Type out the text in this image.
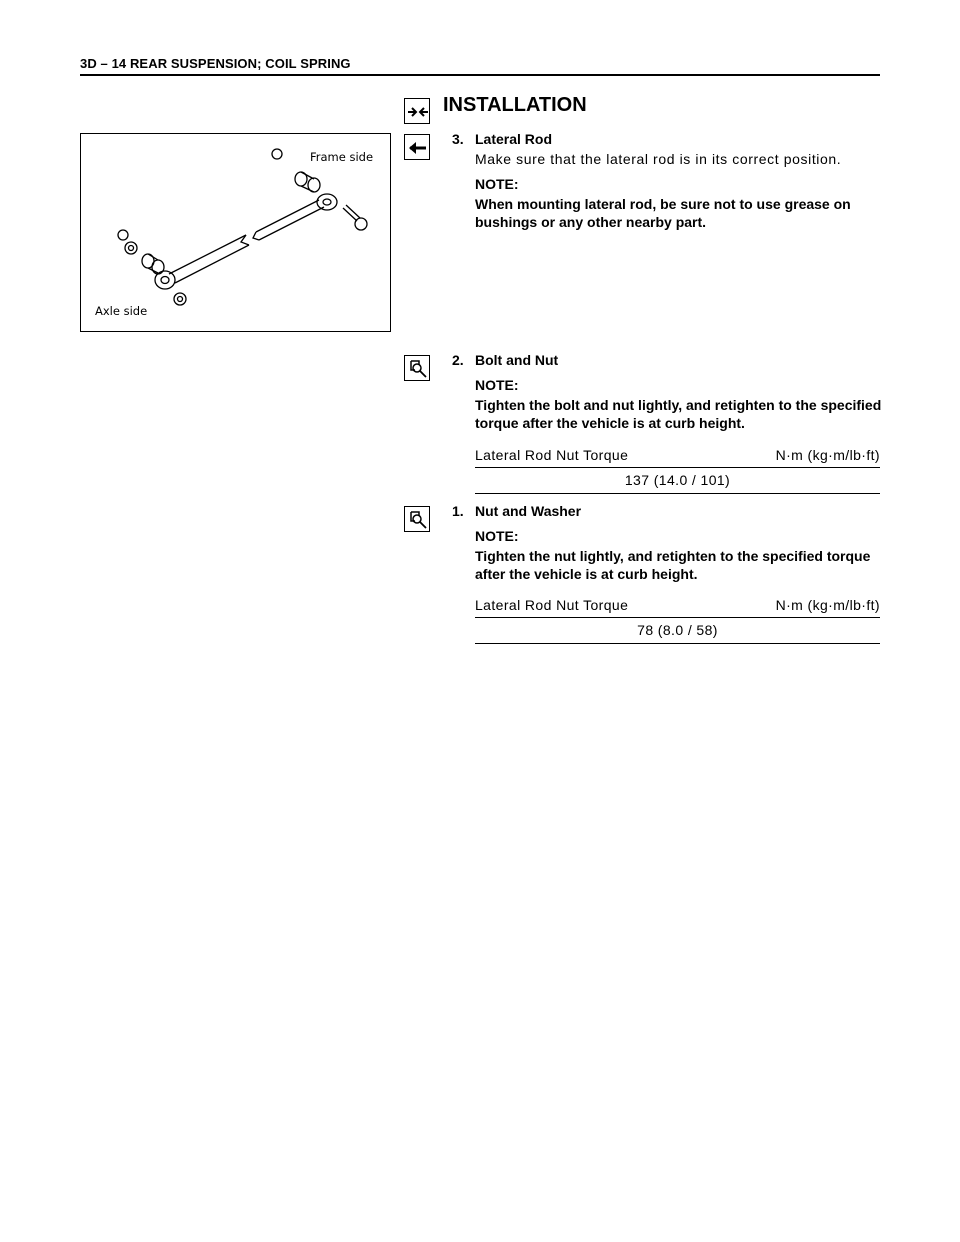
3D – 14 REAR SUSPENSION; COIL SPRING
INSTALLATION
Frame side
Axle side
3. Lateral Rod
Make sure that the lateral rod is in its correct position.
NOTE:
When mounting lateral rod, be sure not to use grease on bushings or any other nearby part.
2. Bolt and Nut
NOTE:
Tighten the bolt and nut lightly, and retighten to the specified torque after the vehicle is at curb height.
Lateral Rod Nut Torque	N·m (kg·m/lb·ft)
137 (14.0 / 101)
1. Nut and Washer
NOTE:
Tighten the nut lightly, and retighten to the specified torque after the vehicle is at curb height.
Lateral Rod Nut Torque	N·m (kg·m/lb·ft)
78 (8.0 / 58)
